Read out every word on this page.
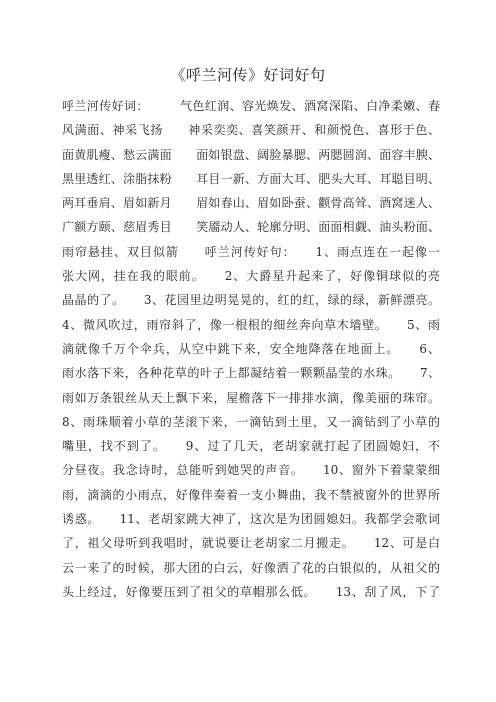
《呼兰河传》好词好句
呼兰河传好词：　　　气色红润、容光焕发、酒窝深陷、白净柔嫩、春
风满面、神采飞扬　　神采奕奕、喜笑颜开、和颜悦色、喜形于色、
面黄肌瘦、愁云满面　　面如银盘、阔脸暴腮、两腮圆润、面容丰腴、
黑里透红、涂脂抹粉　　耳目一新、方面大耳、肥头大耳、耳聪目明、
两耳垂肩、眉如新月　　眉如春山、眉如卧蚕、颧骨高耸、酒窝迷人、
广额方颐、慈眉秀目　　笑靥动人、轮廓分明、面面相觑、油头粉面、
雨帘悬挂、双目似箭　　呼兰河传好句：　　1、雨点连在一起像一
张大网，挂在我的眼前。　　2、大爵星升起来了，好像铜球似的亮
晶晶的了。　　3、花园里边明晃晃的，红的红，绿的绿，新鲜漂亮。
4、微风吹过，雨帘斜了，像一根根的细丝奔向草木墙壁。　　5、雨
滴就像千万个伞兵，从空中跳下来，安全地降落在地面上。　　6、
雨水落下来，各种花草的叶子上都凝结着一颗颗晶莹的水珠。　　7、
雨如万条银丝从天上飘下来，屋檐落下一排排水滴，像美丽的珠帘。
8、雨珠顺着小草的茎滚下来，一滴钻到土里，又一滴钻到了小草的
嘴里，找不到了。　　9、过了几天，老胡家就打起了团圆媳妇，不
分昼夜。我念诗时，总能听到她哭的声音。　　10、窗外下着蒙蒙细
雨，滴滴的小雨点，好像伴奏着一支小舞曲，我不禁被窗外的世界所
诱惑。　　11、老胡家跳大神了，这次是为团圆媳妇。我都学会歌词
了，祖父母听到我唱时，就说要让老胡家二月搬走。　　12、可是白
云一来了的时候，那大团的白云，好像洒了花的白银似的，从祖父的
头上经过，好像要压到了祖父的草帽那么低。　　13、刮了风，下了
